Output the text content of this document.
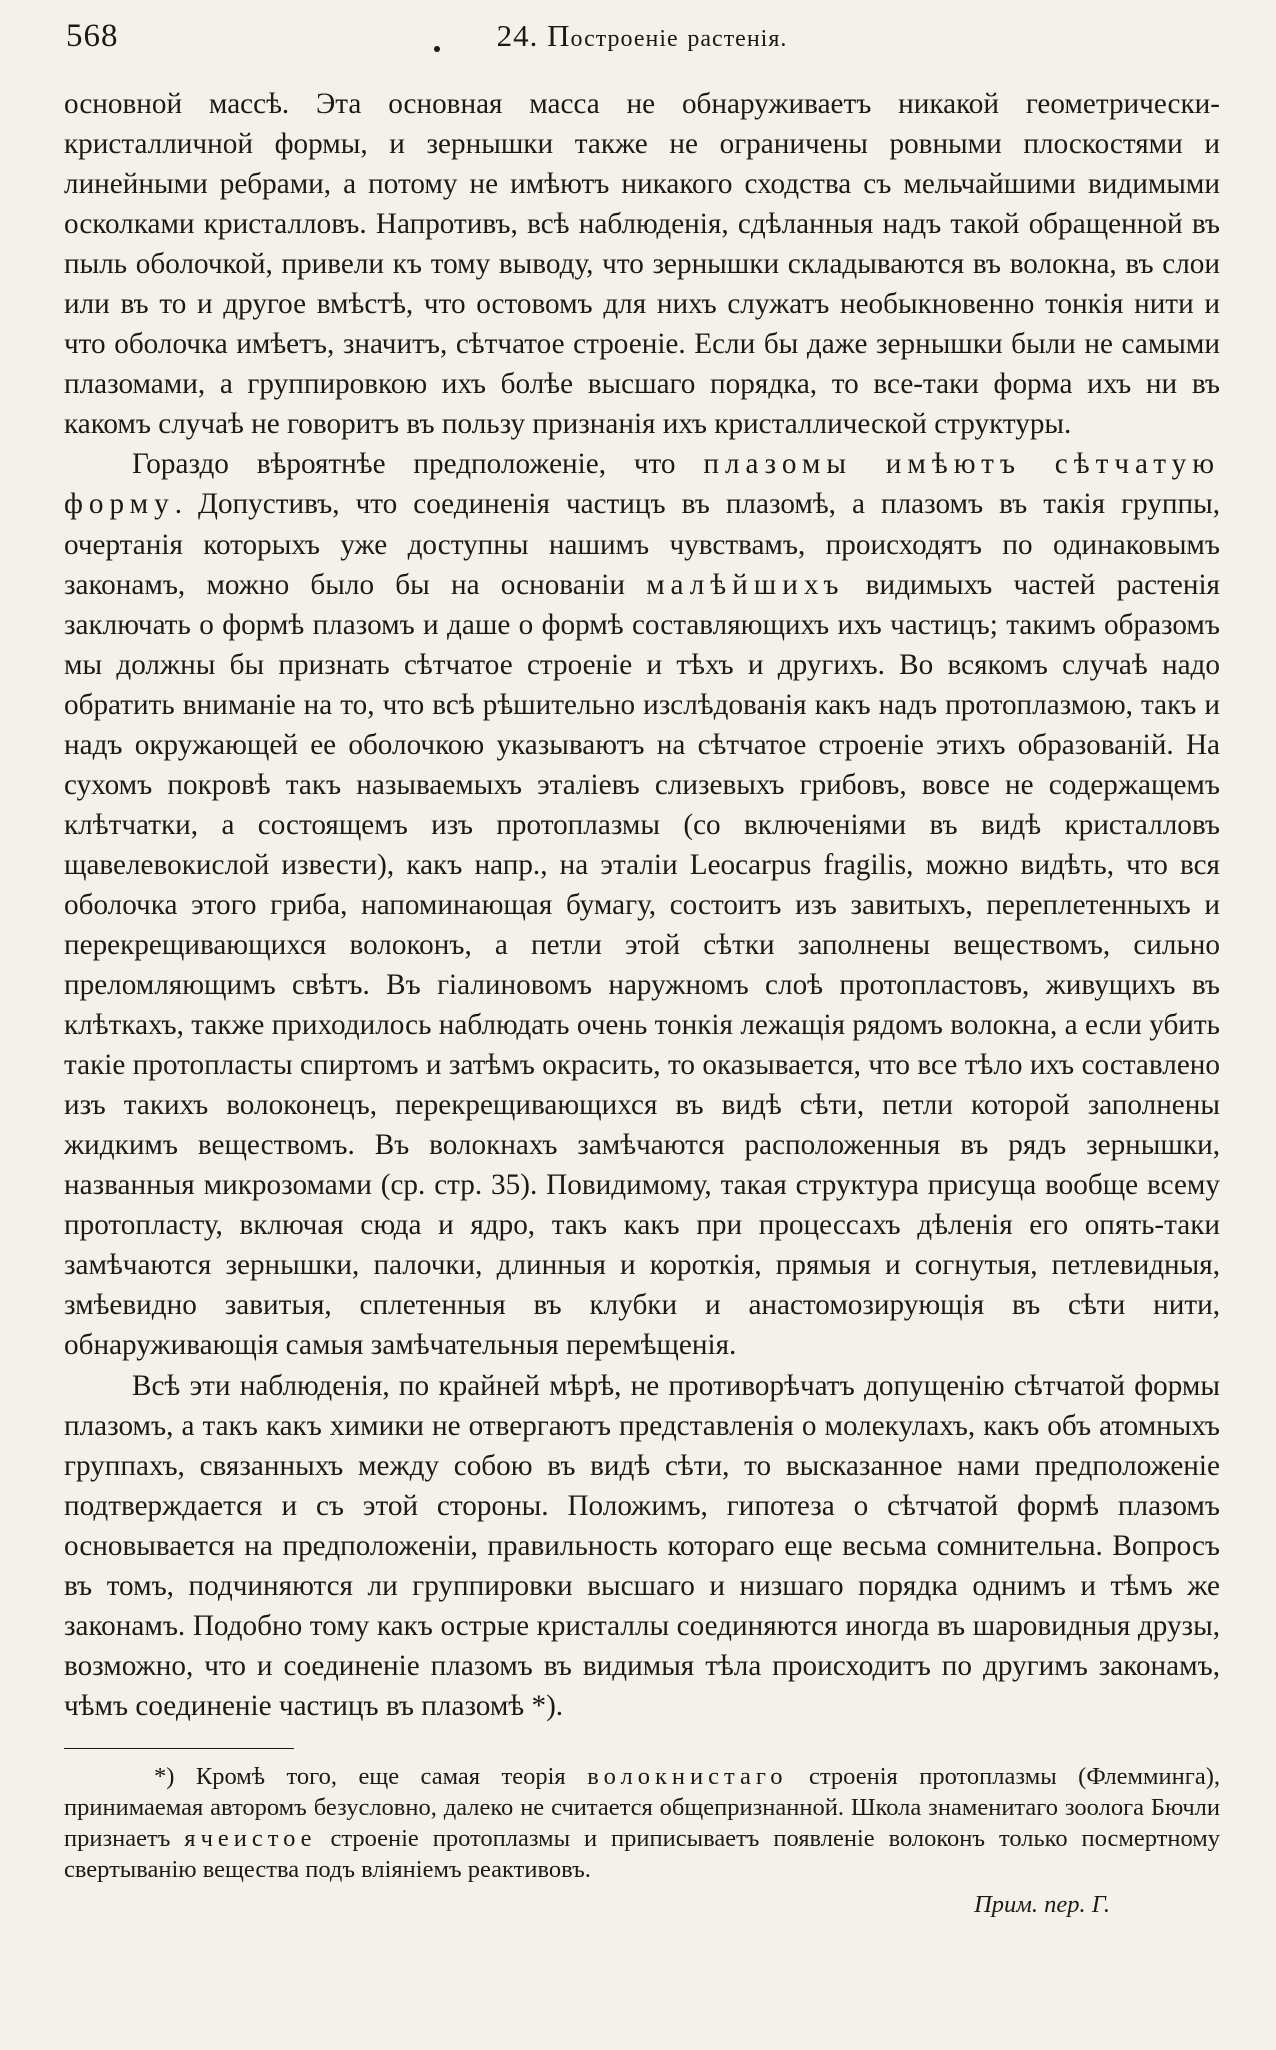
568	24. Построеніе растенія.

основной массѣ. Эта основная масса не обнаруживаетъ никакой геометрически-кристалличной формы, и зернышки также не ограничены ровными плоскостями и линейными ребрами, а потому не имѣютъ никакого сходства съ мельчайшими видимыми осколками кристалловъ. Напротивъ, всѣ наблюденія, сдѣланныя надъ такой обращенной въ пыль оболочкой, привели къ тому выводу, что зернышки складываются въ волокна, въ слои или въ то и другое вмѣстѣ, что остовомъ для нихъ служатъ необыкновенно тонкія нити и что оболочка имѣетъ, значитъ, сѣтчатое строеніе. Если бы даже зернышки были не самыми плазомами, а группировкою ихъ болѣе высшаго порядка, то все-таки форма ихъ ни въ какомъ случаѣ не говоритъ въ пользу признанія ихъ кристаллической структуры.

Гораздо вѣроятнѣе предположеніе, что плазомы имѣютъ сѣтчатую форму. Допустивъ, что соединенія частицъ въ плазомѣ, а плазомъ въ такія группы, очертанія которыхъ уже доступны нашимъ чувствамъ, происходятъ по одинаковымъ законамъ, можно было бы на основаніи малѣйшихъ видимыхъ частей растенія заключать о формѣ плазомъ и даше о формѣ составляющихъ ихъ частицъ; такимъ образомъ мы должны бы признать сѣтчатое строеніе и тѣхъ и другихъ. Во всякомъ случаѣ надо обратить вниманіе на то, что всѣ рѣшительно изслѣдованія какъ надъ протоплазмою, такъ и надъ окружающей ее оболочкою указываютъ на сѣтчатое строеніе этихъ образованій. На сухомъ покровѣ такъ называемыхъ эталіевъ слизевыхъ грибовъ, вовсе не содержащемъ клѣтчатки, а состоящемъ изъ протоплазмы (со включеніями въ видѣ кристалловъ щавелевокислой извести), какъ напр., на эталіи Leocarpus fragilis, можно видѣть, что вся оболочка этого гриба, напоминающая бумагу, состоитъ изъ завитыхъ, переплетенныхъ и перекрещивающихся волоконъ, а петли этой сѣтки заполнены веществомъ, сильно преломляющимъ свѣтъ. Въ гіалиновомъ наружномъ слоѣ протопластовъ, живущихъ въ клѣткахъ, также приходилось наблюдать очень тонкія лежащія рядомъ волокна, а если убить такіе протопласты спиртомъ и затѣмъ окрасить, то оказывается, что все тѣло ихъ составлено изъ такихъ волоконецъ, перекрещивающихся въ видѣ сѣти, петли которой заполнены жидкимъ веществомъ. Въ волокнахъ замѣчаются расположенныя въ рядъ зернышки, названныя микрозомами (ср. стр. 35). Повидимому, такая структура присуща вообще всему протопласту, включая сюда и ядро, такъ какъ при процессахъ дѣленія его опять-таки замѣчаются зернышки, палочки, длинныя и короткія, прямыя и согнутыя, петлевидныя, змѣевидно завитыя, сплетенныя въ клубки и анастомозирующія въ сѣти нити, обнаруживающія самыя замѣчательныя перемѣщенія.

Всѣ эти наблюденія, по крайней мѣрѣ, не противорѣчатъ допущенію сѣтчатой формы плазомъ, а такъ какъ химики не отвергаютъ представленія о молекулахъ, какъ объ атомныхъ группахъ, связанныхъ между собою въ видѣ сѣти, то высказанное нами предположеніе подтверждается и съ этой стороны. Положимъ, гипотеза о сѣтчатой формѣ плазомъ основывается на предположеніи, правильность котораго еще весьма сомнительна. Вопросъ въ томъ, подчиняются ли группировки высшаго и низшаго порядка однимъ и тѣмъ же законамъ. Подобно тому какъ острые кристаллы соединяются иногда въ шаровидныя друзы, возможно, что и соединеніе плазомъ въ видимыя тѣла происходитъ по другимъ законамъ, чѣмъ соединеніе частицъ въ плазомѣ *).

*) Кромѣ того, еще самая теорія волокнистаго строенія протоплазмы (Флемминга), принимаемая авторомъ безусловно, далеко не считается общепризнанной. Школа знаменитаго зоолога Бючли признаетъ ячеистое строеніе протоплазмы и приписываетъ появленіе волоконъ только посмертному свертыванію вещества подъ вліяніемъ реактивовъ.

Прим. пер. Г.
